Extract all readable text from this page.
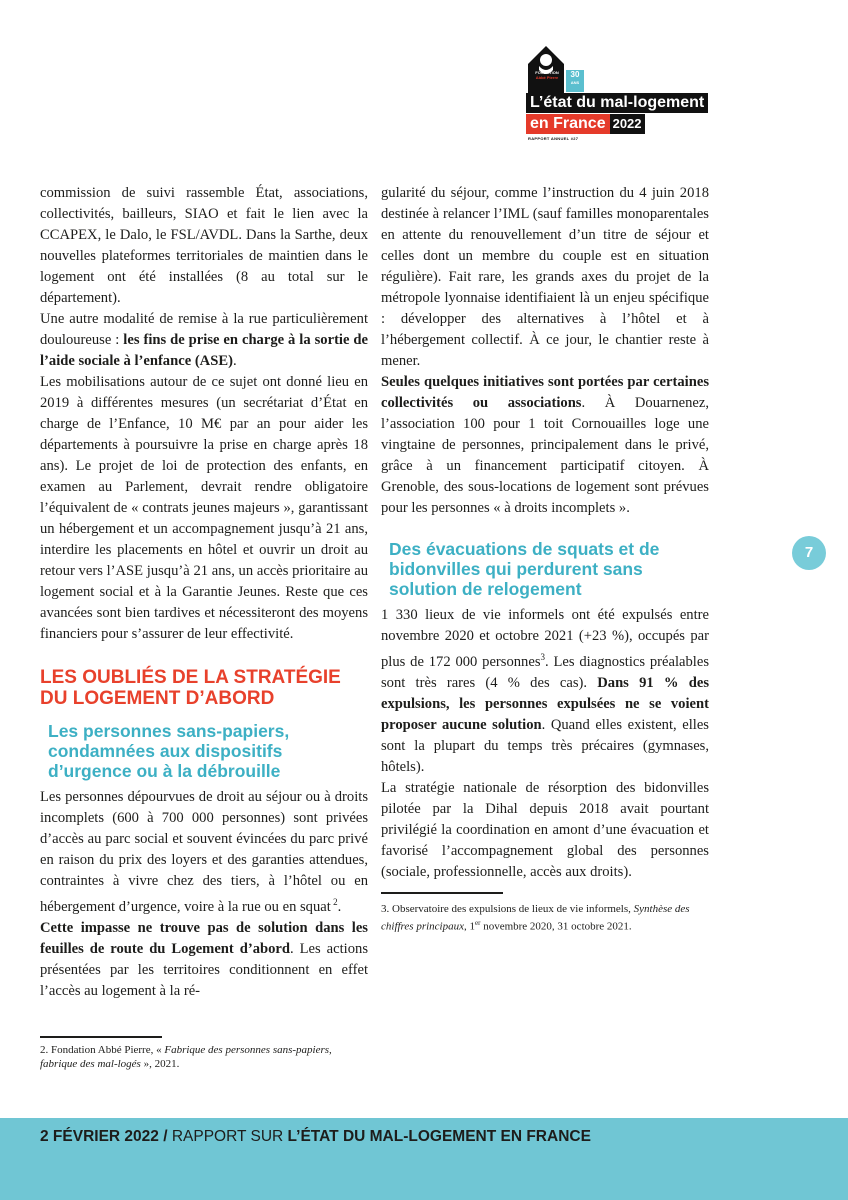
FONDATION
Abbé Pierre	30
ANS
L’état du mal-logement
en France 2022
RAPPORT ANNUEL #27

commission de suivi rassemble État, associations, collectivités, bailleurs, SIAO et fait le lien avec la CCAPEX, le Dalo, le FSL/AVDL. Dans la Sarthe, deux nouvelles plateformes territoriales de maintien dans le logement ont été installées (8 au total sur le département).

Une autre modalité de remise à la rue particulièrement douloureuse : les fins de prise en charge à la sortie de l’aide sociale à l’enfance (ASE).

Les mobilisations autour de ce sujet ont donné lieu en 2019 à différentes mesures (un secrétariat d’État en charge de l’Enfance, 10 M€ par an pour aider les départements à poursuivre la prise en charge après 18 ans). Le projet de loi de protection des enfants, en examen au Parlement, devrait rendre obligatoire l’équivalent de « contrats jeunes majeurs », garantissant un hébergement et un accompagnement jusqu’à 21 ans, interdire les placements en hôtel et ouvrir un droit au retour vers l’ASE jusqu’à 21 ans, un accès prioritaire au logement social et à la Garantie Jeunes. Reste que ces avancées sont bien tardives et nécessiteront des moyens financiers pour s’assurer de leur effectivité.

LES OUBLIÉS DE LA STRATÉGIE DU LOGEMENT D’ABORD
Les personnes sans-papiers, condamnées aux dispositifs d’urgence ou à la débrouille

Les personnes dépourvues de droit au séjour ou à droits incomplets (600 à 700 000 personnes) sont privées d’accès au parc social et souvent évincées du parc privé en raison du prix des loyers et des garanties attendues, contraintes à vivre chez des tiers, à l’hôtel ou en hébergement d’urgence, voire à la rue ou en squat $^2$.

Cette impasse ne trouve pas de solution dans les feuilles de route du Logement d’abord. Les actions présentées par les territoires conditionnent en effet l’accès au logement à la ré-

gularité du séjour, comme l’instruction du 4 juin 2018 destinée à relancer l’IML (sauf familles monoparentales en attente du renouvellement d’un titre de séjour et celles dont un membre du couple est en situation régulière). Fait rare, les grands axes du projet de la métropole lyonnaise identifiaient là un enjeu spécifique : développer des alternatives à l’hôtel et à l’hébergement collectif. À ce jour, le chantier reste à mener.

Seules quelques initiatives sont portées par certaines collectivités ou associations. À Douarnenez, l’association 100 pour 1 toit Cornouailles loge une vingtaine de personnes, principalement dans le privé, grâce à un financement participatif citoyen. À Grenoble, des sous-locations de logement sont prévues pour les personnes « à droits incomplets ».

Des évacuations de squats et de bidonvilles qui perdurent sans solution de relogement

1 330 lieux de vie informels ont été expulsés entre novembre 2020 et octobre 2021 (+23 %), occupés par plus de 172 000 personnes$^3$. Les diagnostics préalables sont très rares (4 % des cas). Dans 91 % des expulsions, les personnes expulsées ne se voient proposer aucune solution. Quand elles existent, elles sont la plupart du temps très précaires (gymnases, hôtels).

La stratégie nationale de résorption des bidonvilles pilotée par la Dihal depuis 2018 avait pourtant privilégié la coordination en amont d’une évacuation et favorisé l’accompagnement global des personnes (sociale, professionnelle, accès aux droits).

3. Observatoire des expulsions de lieux de vie informels, Synthèse des chiffres principaux, 1er novembre 2020, 31 octobre 2021.
2. Fondation Abbé Pierre, « Fabrique des personnes sans-papiers, fabrique des mal-logés », 2021.
7
2 FÉVRIER 2022 / RAPPORT SUR L’ÉTAT DU MAL-LOGEMENT EN FRANCE
